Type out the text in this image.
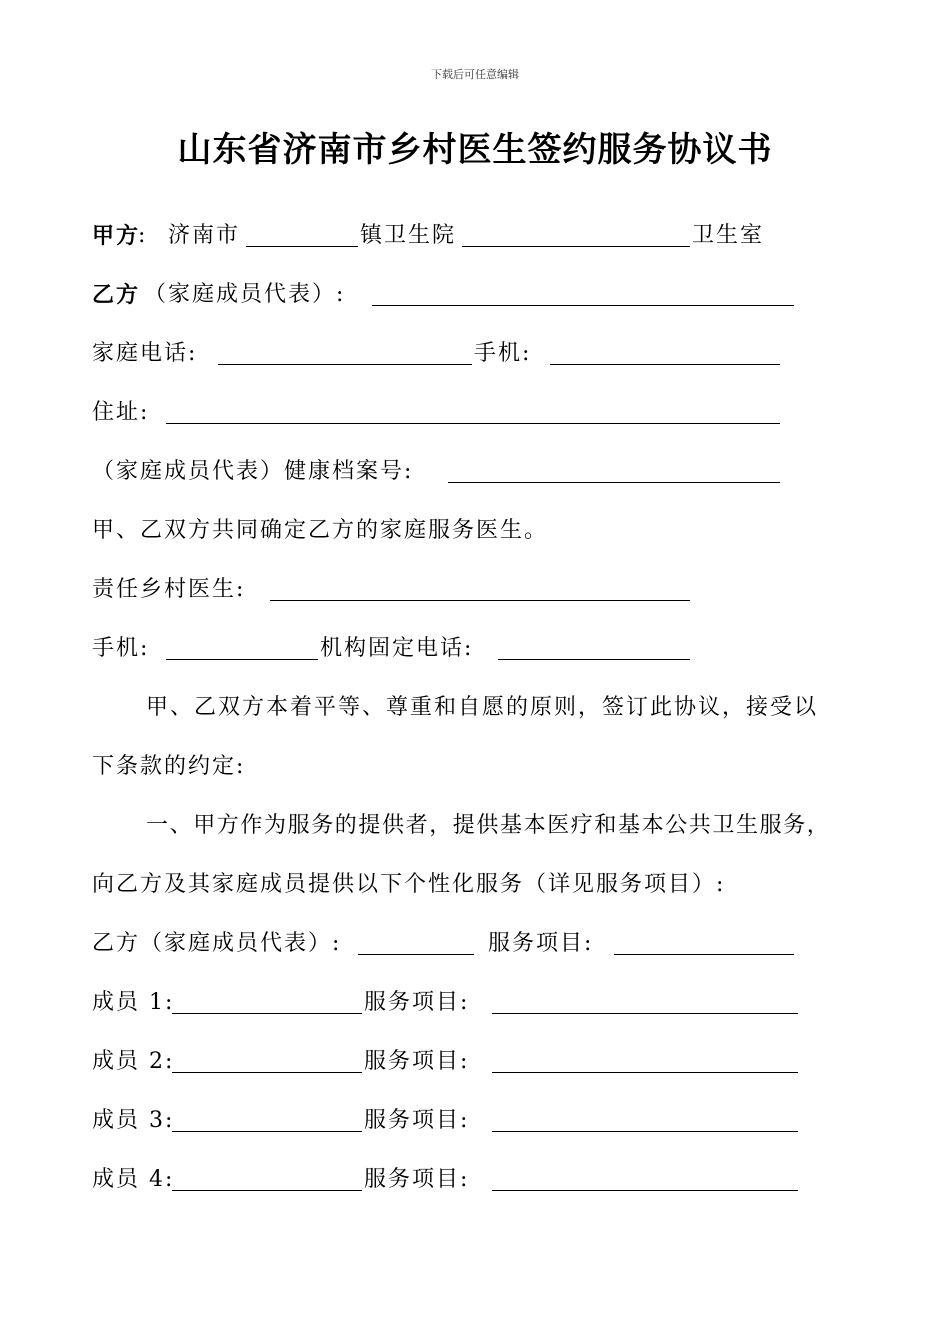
下载后可任意编辑
山东省济南市乡村医生签约服务协议书
甲方
: 济南市	镇卫生院	卫生室
乙方 （家庭成员代表）:
家庭电话:	手机:
住址:
（家庭成员代表）健康档案号:
甲、乙双方共同确定乙方的家庭服务医生。
责任乡村医生:
手机:	机构固定电话:
甲、乙双方本着平等、尊重和自愿的原则，签订此协议，接受以
下条款的约定:
一、甲方作为服务的提供者，提供基本医疗和基本公共卫生服务，
向乙方及其家庭成员提供以下个性化服务（详见服务项目）:
乙方（家庭成员代表）:	服务项目:
成员 1:	服务项目:
成员 2:	服务项目:
成员 3:	服务项目:
成员 4:	服务项目:
